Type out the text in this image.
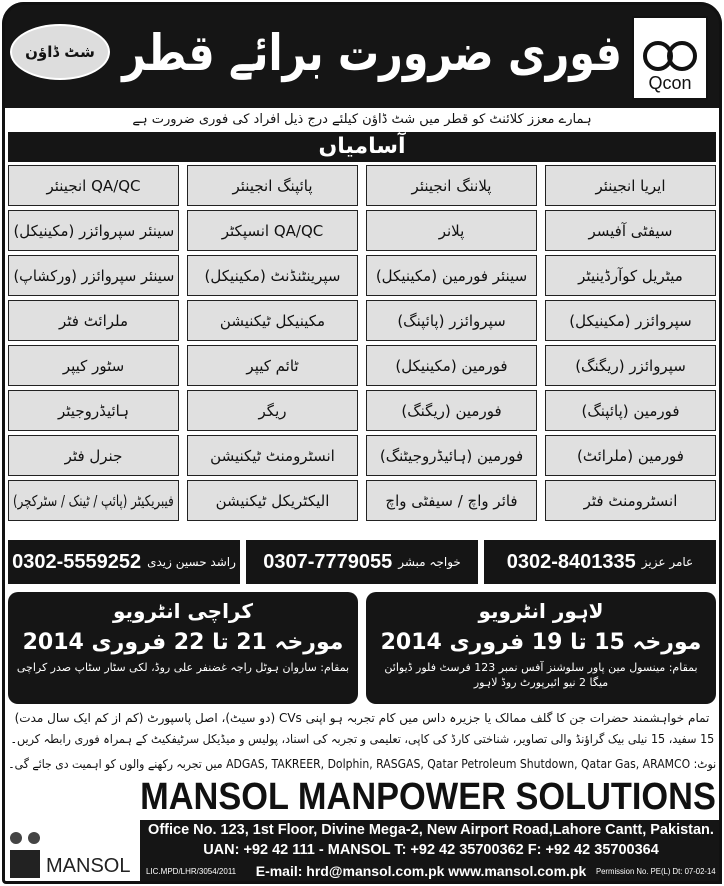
فوری ضرورت برائے قطر
شٹ ڈاؤن
Qcon
ہمارے معزز کلائنٹ کو قطر میں شٹ ڈاؤن کیلئے درج ذیل افراد کی فوری ضرورت ہے
آسامیاں
ایریا انجینئر
پلاننگ انجینئر
پائپنگ انجینئر
QA/QC انجینئر
سیفٹی آفیسر
پلانر
QA/QC انسپکٹر
سینئر سپروائزر (مکینیکل)
میٹریل کوآرڈینیٹر
سینئر فورمین (مکینیکل)
سپرینٹنڈنٹ (مکینیکل)
سینئر سپروائزر (ورکشاپ)
سپروائزر (مکینیکل)
سپروائزر (پائپنگ)
مکینیکل ٹیکنیشن
ملرائٹ فٹر
سپروائزر (ریگنگ)
فورمین (مکینیکل)
ٹائم کیپر
سٹور کیپر
فورمین (پائپنگ)
فورمین (ریگنگ)
ریگر
ہائیڈروجیٹر
فورمین (ملرائٹ)
فورمین (ہائیڈروجیٹنگ)
انسٹرومنٹ ٹیکنیشن
جنرل فٹر
انسٹرومنٹ فٹر
فائر واچ / سیفٹی واچ
الیکٹریکل ٹیکنیشن
فیبریکیٹر (پائپ / ٹینک / سٹرکچر)
عامر عزیز
0302-8401335
خواجہ مبشر
0307-7779055
راشد حسین زیدی
0302-5559252
لاہور انٹرویو
مورخہ 15 تا 19 فروری 2014
بمقام: مینسول مین پاور سلوشنز آفس نمبر 123 فرسٹ فلور ڈیوائن میگا 2 نیو ائیرپورٹ روڈ لاہور
کراچی انٹرویو
مورخہ 21 تا 22 فروری 2014
بمقام: ساروان ہوٹل راجہ غضنفر علی روڈ، لکی سٹار سٹاپ صدر کراچی
تمام خواہشمند حضرات جن کا گلف ممالک یا جزیرہ داس میں کام تجربہ ہو اپنی CVs (دو سیٹ)، اصل پاسپورٹ (کم از کم ایک سال مدت)
15 سفید، 15 نیلی بیک گراؤنڈ والی تصاویر، شناختی کارڈ کی کاپی، تعلیمی و تجربہ کی اسناد، پولیس و میڈیکل سرٹیفکیٹ کے ہمراہ فوری رابطہ کریں۔
نوٹ: ADGAS, TAKREER, Dolphin, RASGAS, Qatar Petroleum Shutdown, Qatar Gas, ARAMCO میں تجربہ رکھنے والوں کو اہمیت دی جائے گی۔
MANSOL MANPOWER SOLUTIONS
MANSOL
Office No. 123, 1st Floor, Divine Mega-2, New Airport Road,Lahore Cantt, Pakistan.
UAN: +92 42 111 - MANSOL T: +92 42 35700362 F: +92 42 35700364
LIC.MPD/LHR/3054/2011 E-mail: hrd@mansol.com.pk www.mansol.com.pk Permission No. PE(L) Dt: 07-02-14
